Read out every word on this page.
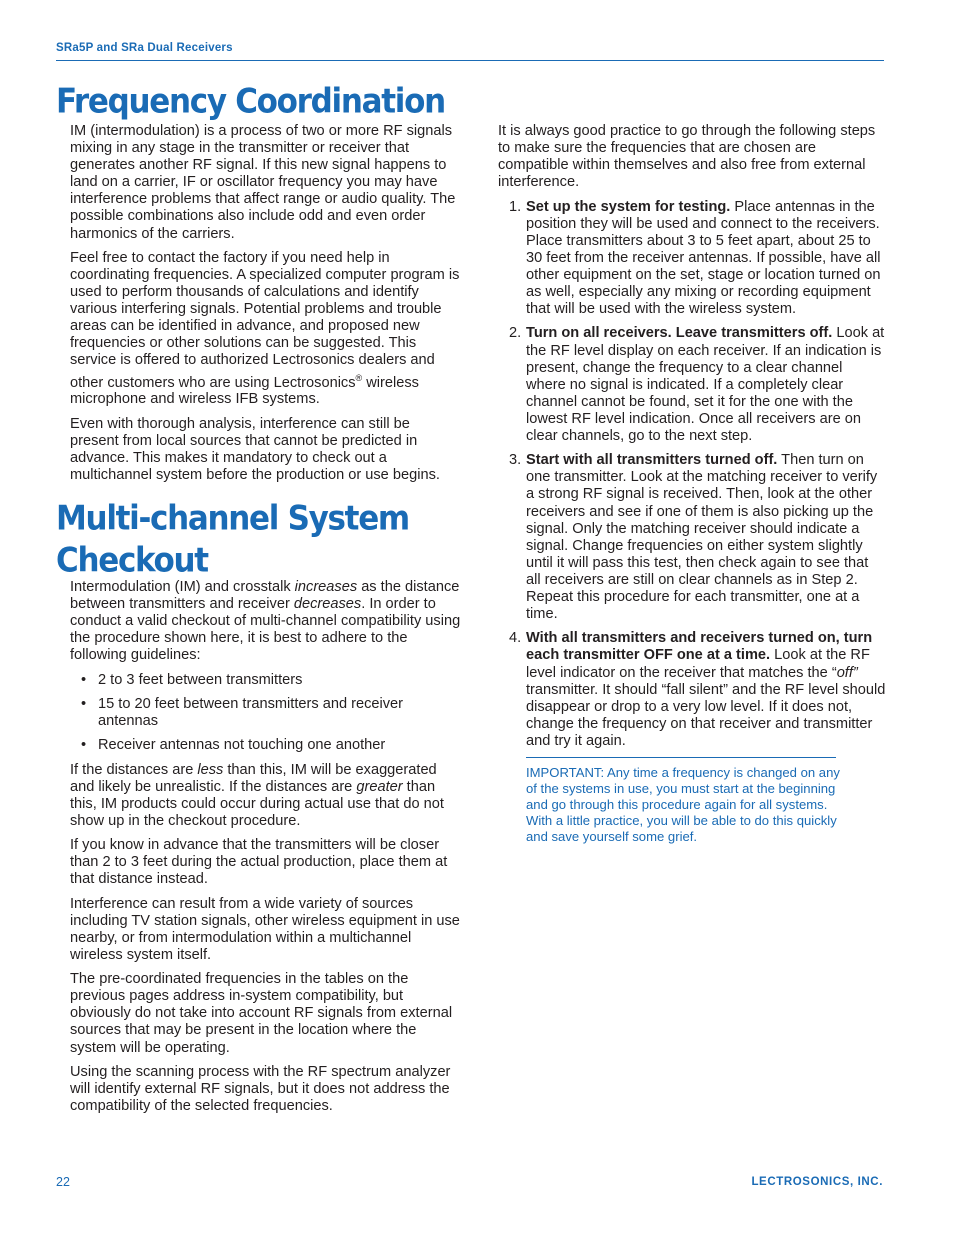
SRa5P and SRa Dual Receivers
Frequency Coordination

IM (intermodulation) is a process of two or more RF signals mixing in any stage in the transmitter or receiver that generates another RF signal. If this new signal happens to land on a carrier, IF or oscillator frequency you may have interference problems that affect range or audio quality. The possible combinations also include odd and even order harmonics of the carriers.

Feel free to contact the factory if you need help in coordinating frequencies. A specialized computer program is used to perform thousands of calculations and identify various interfering signals. Potential problems and trouble areas can be identified in advance, and proposed new frequencies or other solutions can be suggested. This service is offered to authorized Lectrosonics dealers and other customers who are using Lectrosonics® wireless microphone and wireless IFB systems.

Even with thorough analysis, interference can still be present from local sources that cannot be predicted in advance. This makes it mandatory to check out a multichannel system before the production or use begins.

Multi-channel System
Checkout

Intermodulation (IM) and crosstalk increases as the distance between transmitters and receiver decreases. In order to conduct a valid checkout of multi-channel compatibility using the procedure shown here, it is best to adhere to the following guidelines:

• 2 to 3 feet between transmitters
• 15 to 20 feet between transmitters and receiver antennas
• Receiver antennas not touching one another

If the distances are less than this, IM will be exaggerated and likely be unrealistic. If the distances are greater than this, IM products could occur during actual use that do not show up in the checkout procedure.

If you know in advance that the transmitters will be closer than 2 to 3 feet during the actual production, place them at that distance instead.

Interference can result from a wide variety of sources including TV station signals, other wireless equipment in use nearby, or from intermodulation within a multichannel wireless system itself.

The pre-coordinated frequencies in the tables on the previous pages address in-system compatibility, but obviously do not take into account RF signals from external sources that may be present in the location where the system will be operating.

Using the scanning process with the RF spectrum analyzer will identify external RF signals, but it does not address the compatibility of the selected frequencies.

It is always good practice to go through the following steps to make sure the frequencies that are chosen are compatible within themselves and also free from external interference.

1. Set up the system for testing. Place antennas in the position they will be used and connect to the receivers. Place transmitters about 3 to 5 feet apart, about 25 to 30 feet from the receiver antennas. If possible, have all other equipment on the set, stage or location turned on as well, especially any mixing or recording equipment that will be used with the wireless system.
2. Turn on all receivers. Leave transmitters off. Look at the RF level display on each receiver. If an indication is present, change the frequency to a clear channel where no signal is indicated. If a completely clear channel cannot be found, set it for the one with the lowest RF level indication. Once all receivers are on clear channels, go to the next step.
3. Start with all transmitters turned off. Then turn on one transmitter. Look at the matching receiver to verify a strong RF signal is received. Then, look at the other receivers and see if one of them is also picking up the signal. Only the matching receiver should indicate a signal. Change frequencies on either system slightly until it will pass this test, then check again to see that all receivers are still on clear channels as in Step 2. Repeat this procedure for each transmitter, one at a time.
4. With all transmitters and receivers turned on, turn each transmitter OFF one at a time. Look at the RF level indicator on the receiver that matches the “off” transmitter. It should “fall silent” and the RF level should disappear or drop to a very low level. If it does not, change the frequency on that receiver and transmitter and try it again.
IMPORTANT: Any time a frequency is changed on any of the systems in use, you must start at the beginning and go through this procedure again for all systems. With a little practice, you will be able to do this quickly and save yourself some grief.
22	LECTROSONICS, INC.
